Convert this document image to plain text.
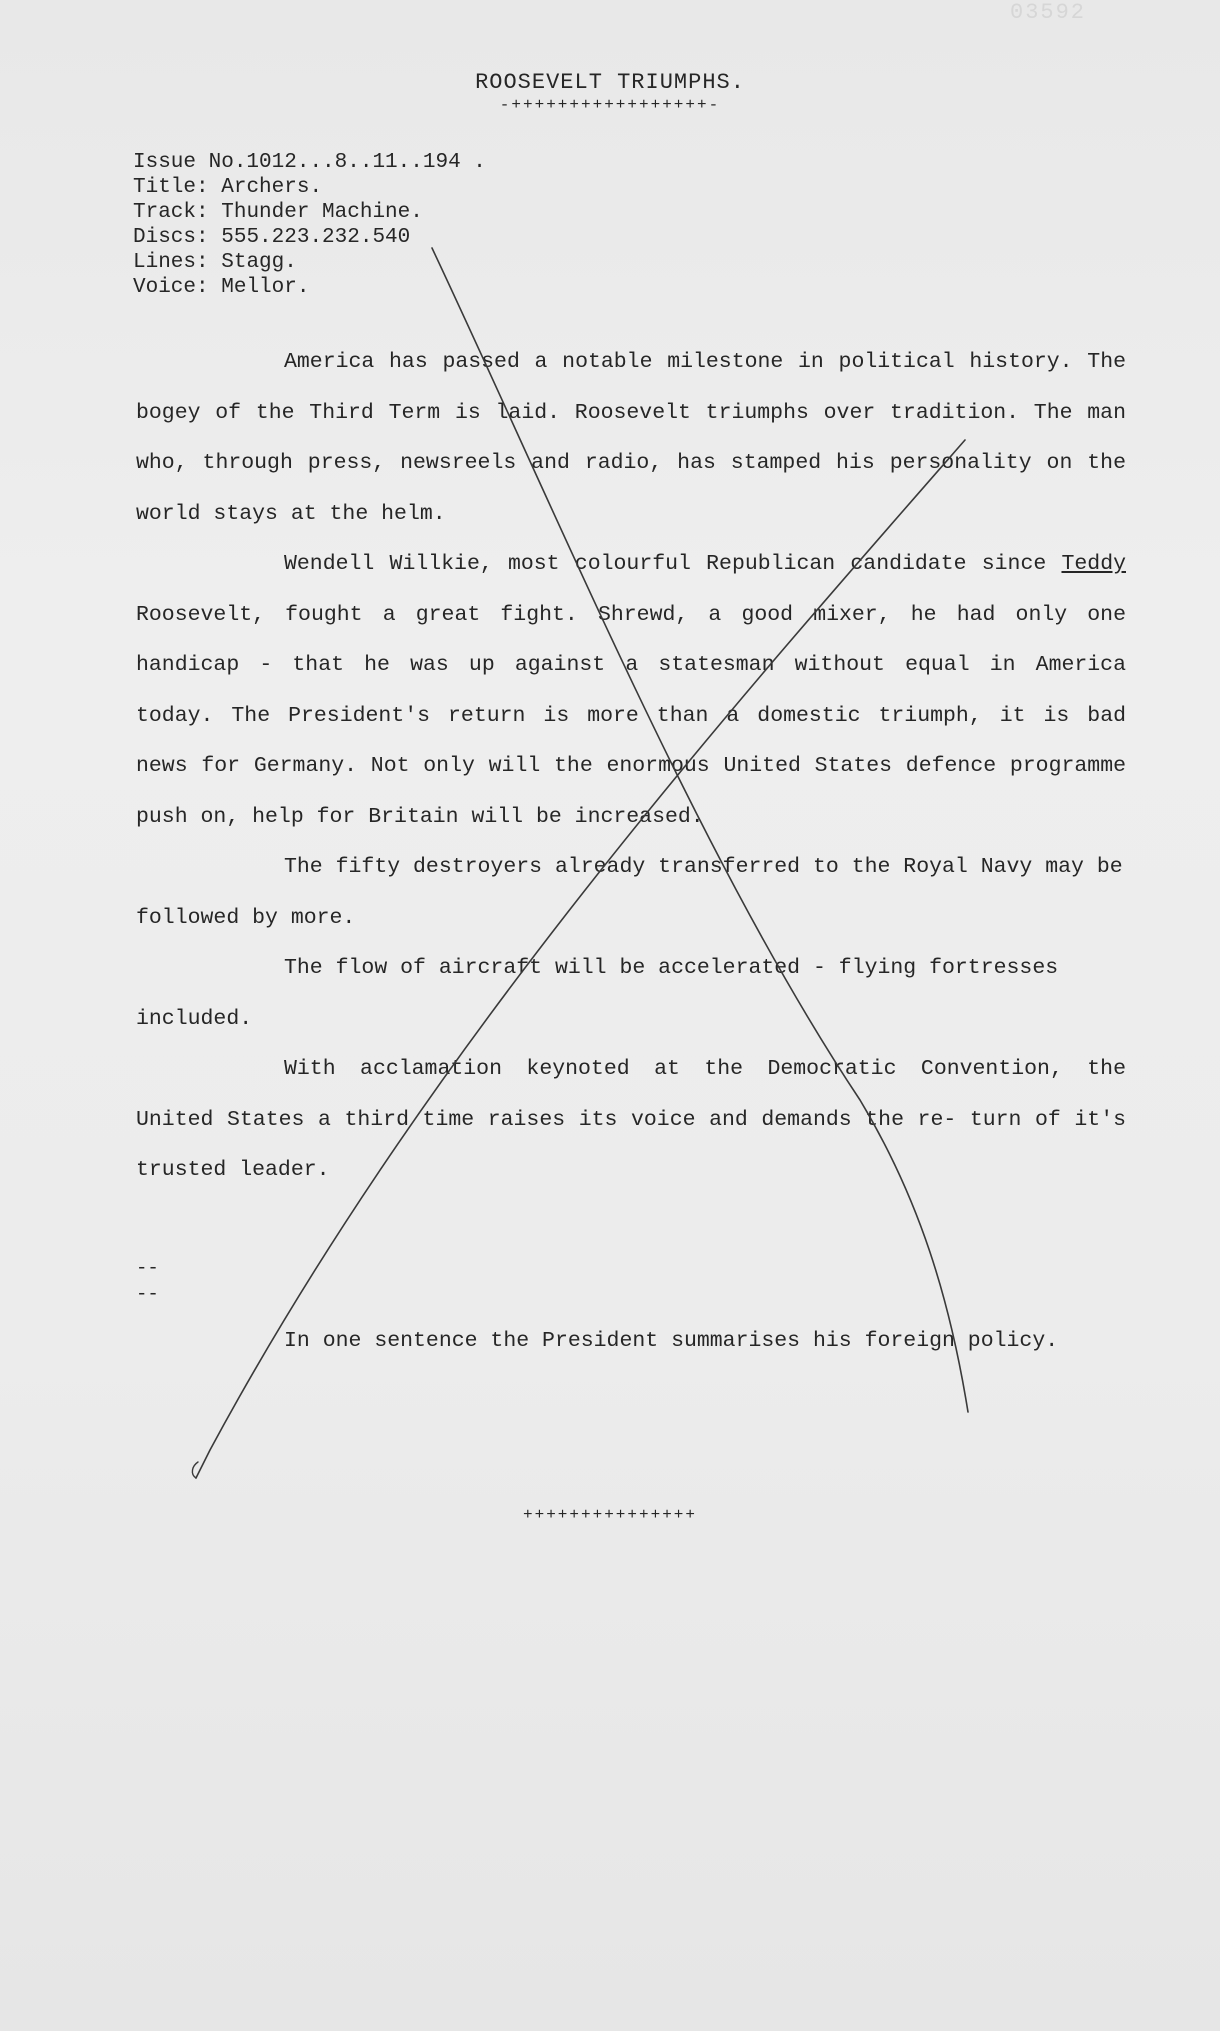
03592
ROOSEVELT TRIUMPHS.
-+++++++++++++++++-
Issue No.1012...8..11..194 .
Title: Archers.
Track: Thunder Machine.
Discs: 555.223.232.540
Lines: Stagg.
Voice: Mellor.

America has passed a notable milestone in political history. The bogey of the Third Term is laid. Roosevelt triumphs over tradition. The man who, through press, newsreels and radio, has stamped his personality on the world stays at the helm.

Wendell Willkie, most colourful Republican candidate since Teddy Roosevelt, fought a great fight. Shrewd, a good mixer, he had only one handicap - that he was up against a statesman without equal in America today. The President's return is more than a domestic triumph, it is bad news for Germany. Not only will the enormous United States defence programme push on, help for Britain will be increased.

The fifty destroyers already transferred to the Royal Navy may be followed by more.

The flow of aircraft will be accelerated - flying fortresses included.

With acclamation keynoted at the Democratic Convention, the United States a third time raises its voice and demands the re- turn of it's trusted leader.

--
--

In one sentence the President summarises his foreign policy.

+++++++++++++++
